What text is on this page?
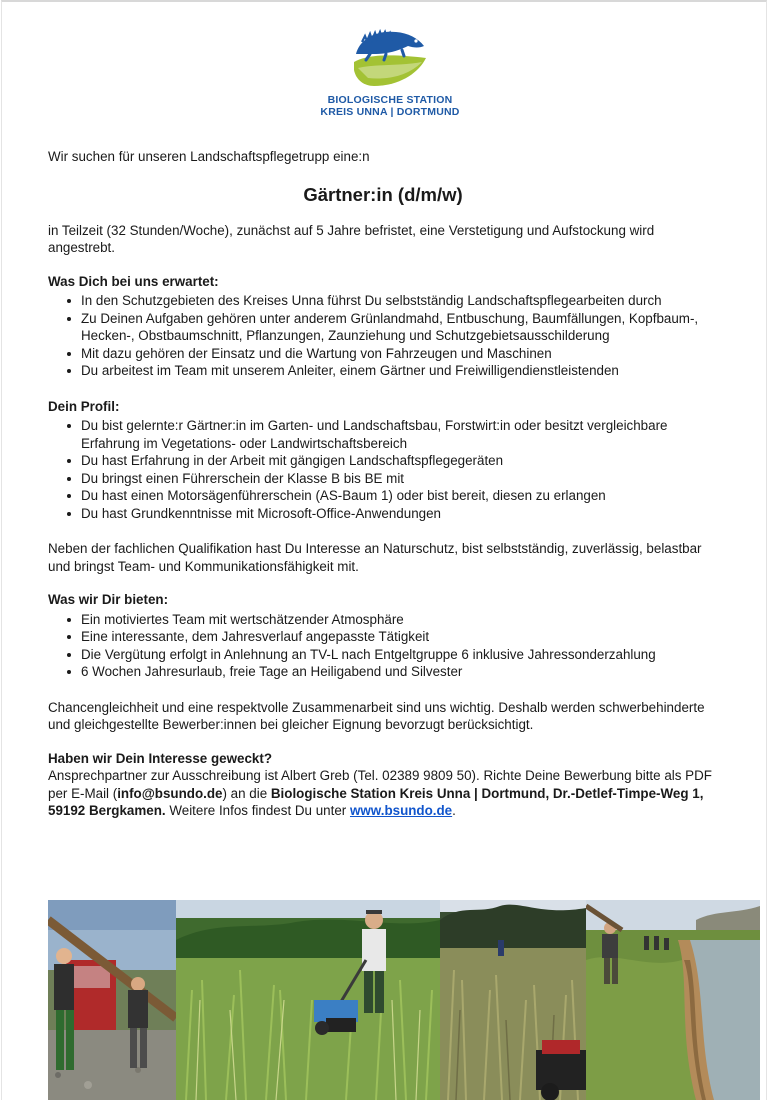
BIOLOGISCHE STATION
KREIS UNNA | DORTMUND

Wir suchen für unseren Landschaftspflegetrupp eine:n

Gärtner:in (d/m/w)

in Teilzeit (32 Stunden/Woche), zunächst auf 5 Jahre befristet, eine Verstetigung und Aufstockung wird angestrebt.

Was Dich bei uns erwartet:

In den Schutzgebieten des Kreises Unna führst Du selbstständig Landschaftspflegearbeiten durch
Zu Deinen Aufgaben gehören unter anderem Grünlandmahd, Entbuschung, Baumfällungen, Kopfbaum-, Hecken-, Obstbaumschnitt, Pflanzungen, Zaunziehung und Schutzgebietsausschilderung
Mit dazu gehören der Einsatz und die Wartung von Fahrzeugen und Maschinen
Du arbeitest im Team mit unserem Anleiter, einem Gärtner und Freiwilligendienstleistenden

Dein Profil:

Du bist gelernte:r Gärtner:in im Garten- und Landschaftsbau, Forstwirt:in oder besitzt vergleichbare Erfahrung im Vegetations- oder Landwirtschaftsbereich
Du hast Erfahrung in der Arbeit mit gängigen Landschaftspflegegeräten
Du bringst einen Führerschein der Klasse B bis BE mit
Du hast einen Motorsägenführerschein (AS-Baum 1) oder bist bereit, diesen zu erlangen
Du hast Grundkenntnisse mit Microsoft-Office-Anwendungen

Neben der fachlichen Qualifikation hast Du Interesse an Naturschutz, bist selbstständig, zuverlässig, belastbar und bringst Team- und Kommunikationsfähigkeit mit.

Was wir Dir bieten:

Ein motiviertes Team mit wertschätzender Atmosphäre
Eine interessante, dem Jahresverlauf angepasste Tätigkeit
Die Vergütung erfolgt in Anlehnung an TV-L nach Entgeltgruppe 6 inklusive Jahressonderzahlung
6 Wochen Jahresurlaub, freie Tage an Heiligabend und Silvester

Chancengleichheit und eine respektvolle Zusammenarbeit sind uns wichtig. Deshalb werden schwerbehinderte und gleichgestellte Bewerber:innen bei gleicher Eignung bevorzugt berücksichtigt.

Haben wir Dein Interesse geweckt?

Ansprechpartner zur Ausschreibung ist Albert Greb (Tel. 02389 9809 50). Richte Deine Bewerbung bitte als PDF per E-Mail (info@bsundo.de) an die Biologische Station Kreis Unna | Dortmund, Dr.-Detlef-Timpe-Weg 1, 59192 Bergkamen. Weitere Infos findest Du unter www.bsundo.de.
